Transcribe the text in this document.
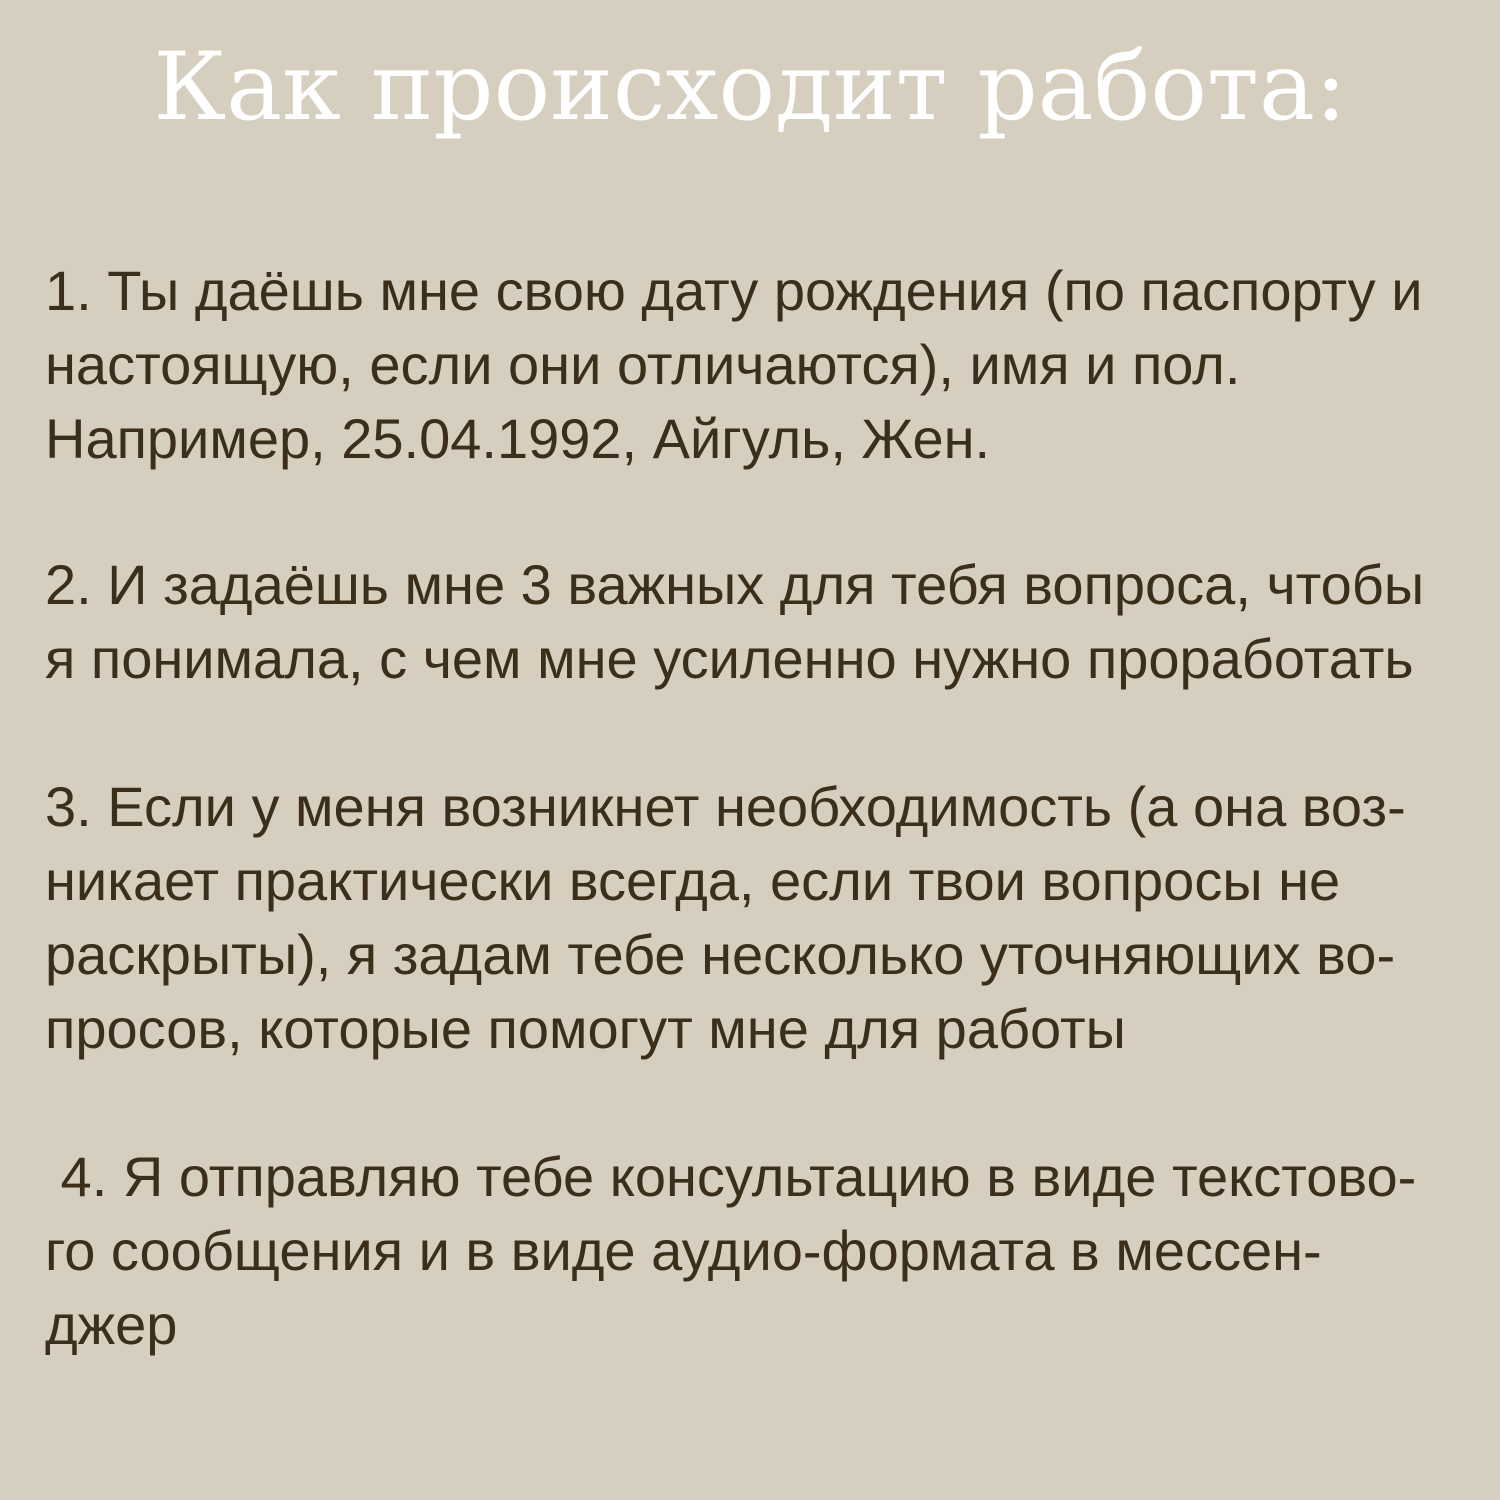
Как происходит работа:
1. Ты даёшь мне свою дату рождения (по паспорту и
настоящую, если они отличаются), имя и пол.
Например, 25.04.1992, Айгуль, Жен.
2. И задаёшь мне 3 важных для тебя вопроса, чтобы
я понимала, с чем мне усиленно нужно проработать
3. Если у меня возникнет необходимость (а она воз-
никает практически всегда, если твои вопросы не
раскрыты), я задам тебе несколько уточняющих во-
просов, которые помогут мне для работы
4. Я отправляю тебе консультацию в виде текстово-
го сообщения и в виде аудио-формата в мессен-
джер
